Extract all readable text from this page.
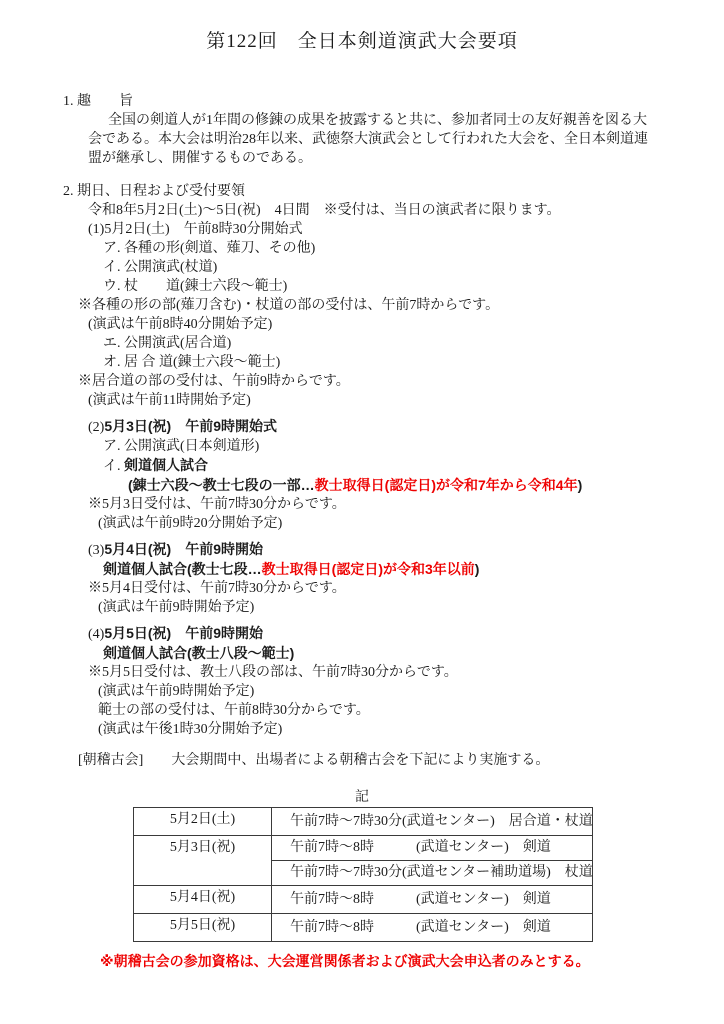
第122回　全日本剣道演武大会要項
1. 趣　　旨
全国の剣道人が1年間の修錬の成果を披露すると共に、参加者同士の友好親善を図る大
会である。本大会は明治28年以来、武徳祭大演武会として行われた大会を、全日本剣道連
盟が継承し、開催するものである。
2. 期日、日程および受付要領
令和8年5月2日(土)～5日(祝)　4日間　※受付は、当日の演武者に限ります。
(1)5月2日(土)　午前8時30分開始式
ア. 各種の形(剣道、薙刀、その他)
イ. 公開演武(杖道)
ウ. 杖　　道(錬士六段～範士)
※各種の形の部(薙刀含む)・杖道の部の受付は、午前7時からです。
(演武は午前8時40分開始予定)
エ. 公開演武(居合道)
オ. 居 合 道(錬士六段～範士)
※居合道の部の受付は、午前9時からです。
(演武は午前11時開始予定)
(2)5月3日(祝)　午前9時開始式
ア. 公開演武(日本剣道形)
イ. 剣道個人試合
(錬士六段～教士七段の一部…教士取得日(認定日)が令和7年から令和4年)
※5月3日受付は、午前7時30分からです。
(演武は午前9時20分開始予定)
(3)5月4日(祝)　午前9時開始
剣道個人試合(教士七段…教士取得日(認定日)が令和3年以前)
※5月4日受付は、午前7時30分からです。
(演武は午前9時開始予定)
(4)5月5日(祝)　午前9時開始
剣道個人試合(教士八段～範士)
※5月5日受付は、教士八段の部は、午前7時30分からです。
(演武は午前9時開始予定)
範士の部の受付は、午前8時30分からです。
(演武は午後1時30分開始予定)
[朝稽古会]　　 大会期間中、出場者による朝稽古会を下記により実施する。
記
5月2日(土)	午前7時～7時30分(武道センター)　居合道・杖道
5月3日(祝)	午前7時～8時　　　(武道センター)　剣道
	午前7時～7時30分(武道センター補助道場)　杖道
5月4日(祝)	午前7時～8時　　　(武道センター)　剣道
5月5日(祝)	午前7時～8時　　　(武道センター)　剣道
※朝稽古会の参加資格は、大会運営関係者および演武大会申込者のみとする。
